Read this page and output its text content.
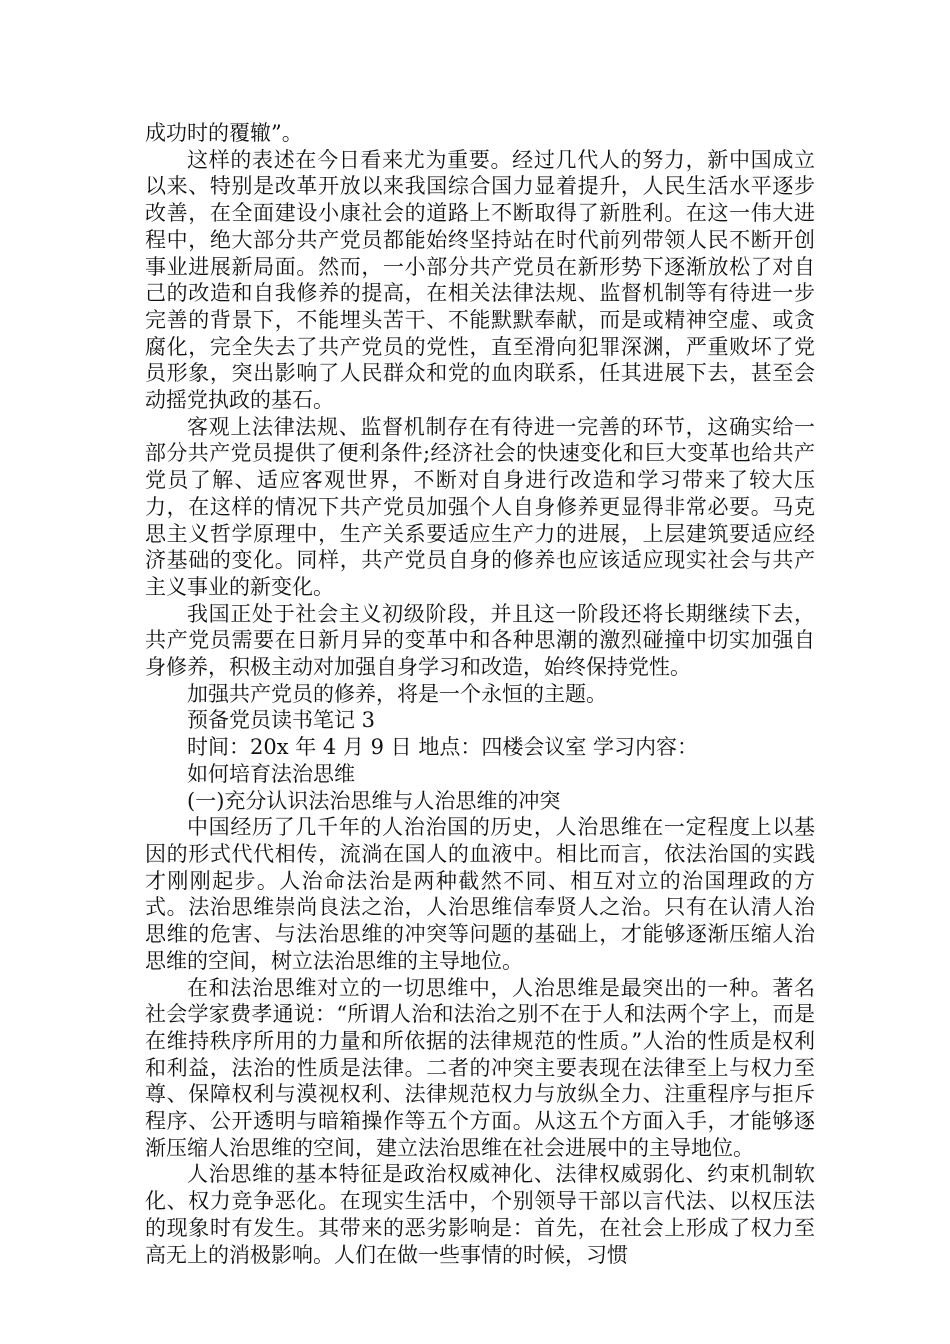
成功时的覆辙”。

这样的表述在今日看来尤为重要。经过几代人的努力，新中国成立以来、特别是改革开放以来我国综合国力显着提升，人民生活水平逐步改善，在全面建设小康社会的道路上不断取得了新胜利。在这一伟大进程中，绝大部分共产党员都能始终坚持站在时代前列带领人民不断开创事业进展新局面。然而，一小部分共产党员在新形势下逐渐放松了对自己的改造和自我修养的提高，在相关法律法规、监督机制等有待进一步完善的背景下，不能埋头苦干、不能默默奉献，而是或精神空虚、或贪腐化，完全失去了共产党员的党性，直至滑向犯罪深渊，严重败坏了党员形象，突出影响了人民群众和党的血肉联系，任其进展下去，甚至会动摇党执政的基石。

客观上法律法规、监督机制存在有待进一完善的环节，这确实给一部分共产党员提供了便利条件;经济社会的快速变化和巨大变革也给共产党员了解、适应客观世界，不断对自身进行改造和学习带来了较大压力，在这样的情况下共产党员加强个人自身修养更显得非常必要。马克思主义哲学原理中，生产关系要适应生产力的进展，上层建筑要适应经济基础的变化。同样，共产党员自身的修养也应该适应现实社会与共产主义事业的新变化。

我国正处于社会主义初级阶段，并且这一阶段还将长期继续下去，共产党员需要在日新月异的变革中和各种思潮的激烈碰撞中切实加强自身修养，积极主动对加强自身学习和改造，始终保持党性。

加强共产党员的修养，将是一个永恒的主题。

预备党员读书笔记 3

时间：20x 年 4 月 9 日 地点：四楼会议室 学习内容：

如何培育法治思维

(一)充分认识法治思维与人治思维的冲突

中国经历了几千年的人治治国的历史，人治思维在一定程度上以基因的形式代代相传，流淌在国人的血液中。相比而言，依法治国的实践才刚刚起步。人治命法治是两种截然不同、相互对立的治国理政的方式。法治思维崇尚良法之治，人治思维信奉贤人之治。只有在认清人治思维的危害、与法治思维的冲突等问题的基础上，才能够逐渐压缩人治思维的空间，树立法治思维的主导地位。

在和法治思维对立的一切思维中，人治思维是最突出的一种。著名社会学家费孝通说：“所谓人治和法治之别不在于人和法两个字上，而是在维持秩序所用的力量和所依据的法律规范的性质。”人治的性质是权利和利益，法治的性质是法律。二者的冲突主要表现在法律至上与权力至尊、保障权利与漠视权利、法律规范权力与放纵全力、注重程序与拒斥程序、公开透明与暗箱操作等五个方面。从这五个方面入手，才能够逐渐压缩人治思维的空间，建立法治思维在社会进展中的主导地位。

人治思维的基本特征是政治权威神化、法律权威弱化、约束机制软化、权力竞争恶化。在现实生活中，个别领导干部以言代法、以权压法的现象时有发生。其带来的恶劣影响是：首先，在社会上形成了权力至高无上的消极影响。人们在做一些事情的时候，习惯
